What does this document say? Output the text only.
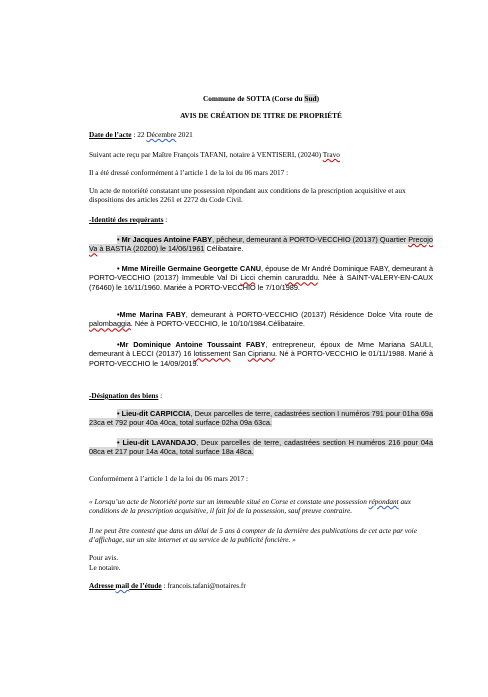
Commune de SOTTA (Corse du Sud)
AVIS DE CRÉATION DE TITRE DE PROPRIÉTÉ
Date de l’acte : 22 Décembre 2021
Suivant acte reçu par Maître François TAFANI, notaire à VENTISERI, (20240) Travo
Il a été dressé conformément à l’article 1 de la loi du 06 mars 2017 :
Un acte de notoriété constatant une possession répondant aux conditions de la prescription acquisitive et aux dispositions des articles 2261 et 2272 du Code Civil.
-Identité des requérants :
• Mr Jacques Antoine FABY, pêcheur, demeurant à PORTO-VECCHIO (20137) Quartier Precojo Va à BASTIA (20200) le 14/06/1961 Célibataire.
• Mme Mireille Germaine Georgette CANU, épouse de Mr André Dominique FABY, demeurant à PORTO-VECCHIO (20137) Immeuble Val Di Licci chemin caruraddu. Née à SAINT-VALERY-EN-CAUX (76460) le 16/11/1960. Mariée à PORTO-VECCHIO le 7/10/1989.
•Mme Marina FABY, demeurant à PORTO-VECCHIO (20137) Résidence Dolce Vita route de palombaggia. Née à PORTO-VECCHIO, le 10/10/1984.Célibataire.
•Mr Dominique Antoine Toussaint FABY, entrepreneur, époux de Mme Mariana SAULI, demeurant à LECCI (20137) 16 lotissement San Ciprianu. Né à PORTO-VECCHIO le 01/11/1988. Marié à PORTO-VECCHIO le 14/09/2019.
-Désignation des biens :
• Lieu-dit CARPICCIA, Deux parcelles de terre, cadastrées section I numéros 791 pour 01ha 69a 23ca et 792 pour 40a 40ca, total surface 02ha 09a 63ca.
• Lieu-dit LAVANDAJO, Deux parcelles de terre, cadastrées section H numéros 216 pour 04a 08ca et 217 pour 14a 40ca, total surface 18a 48ca.
Conformément à l’article 1 de la loi du 06 mars 2017 :
« Lorsqu’un acte de Notoriété porte sur un immeuble situé en Corse et constate une possession répondant aux conditions de la prescription acquisitive, il fait foi de la possession, sauf preuve contraire.
Il ne peut être contesté que dans un délai de 5 ans à compter de la dernière des publications de cet acte par voie d’affichage, sur un site internet et au service de la publicité foncière. »
Pour avis.
Le notaire.
Adresse mail de l’étude : francois.tafani@notaires.fr
